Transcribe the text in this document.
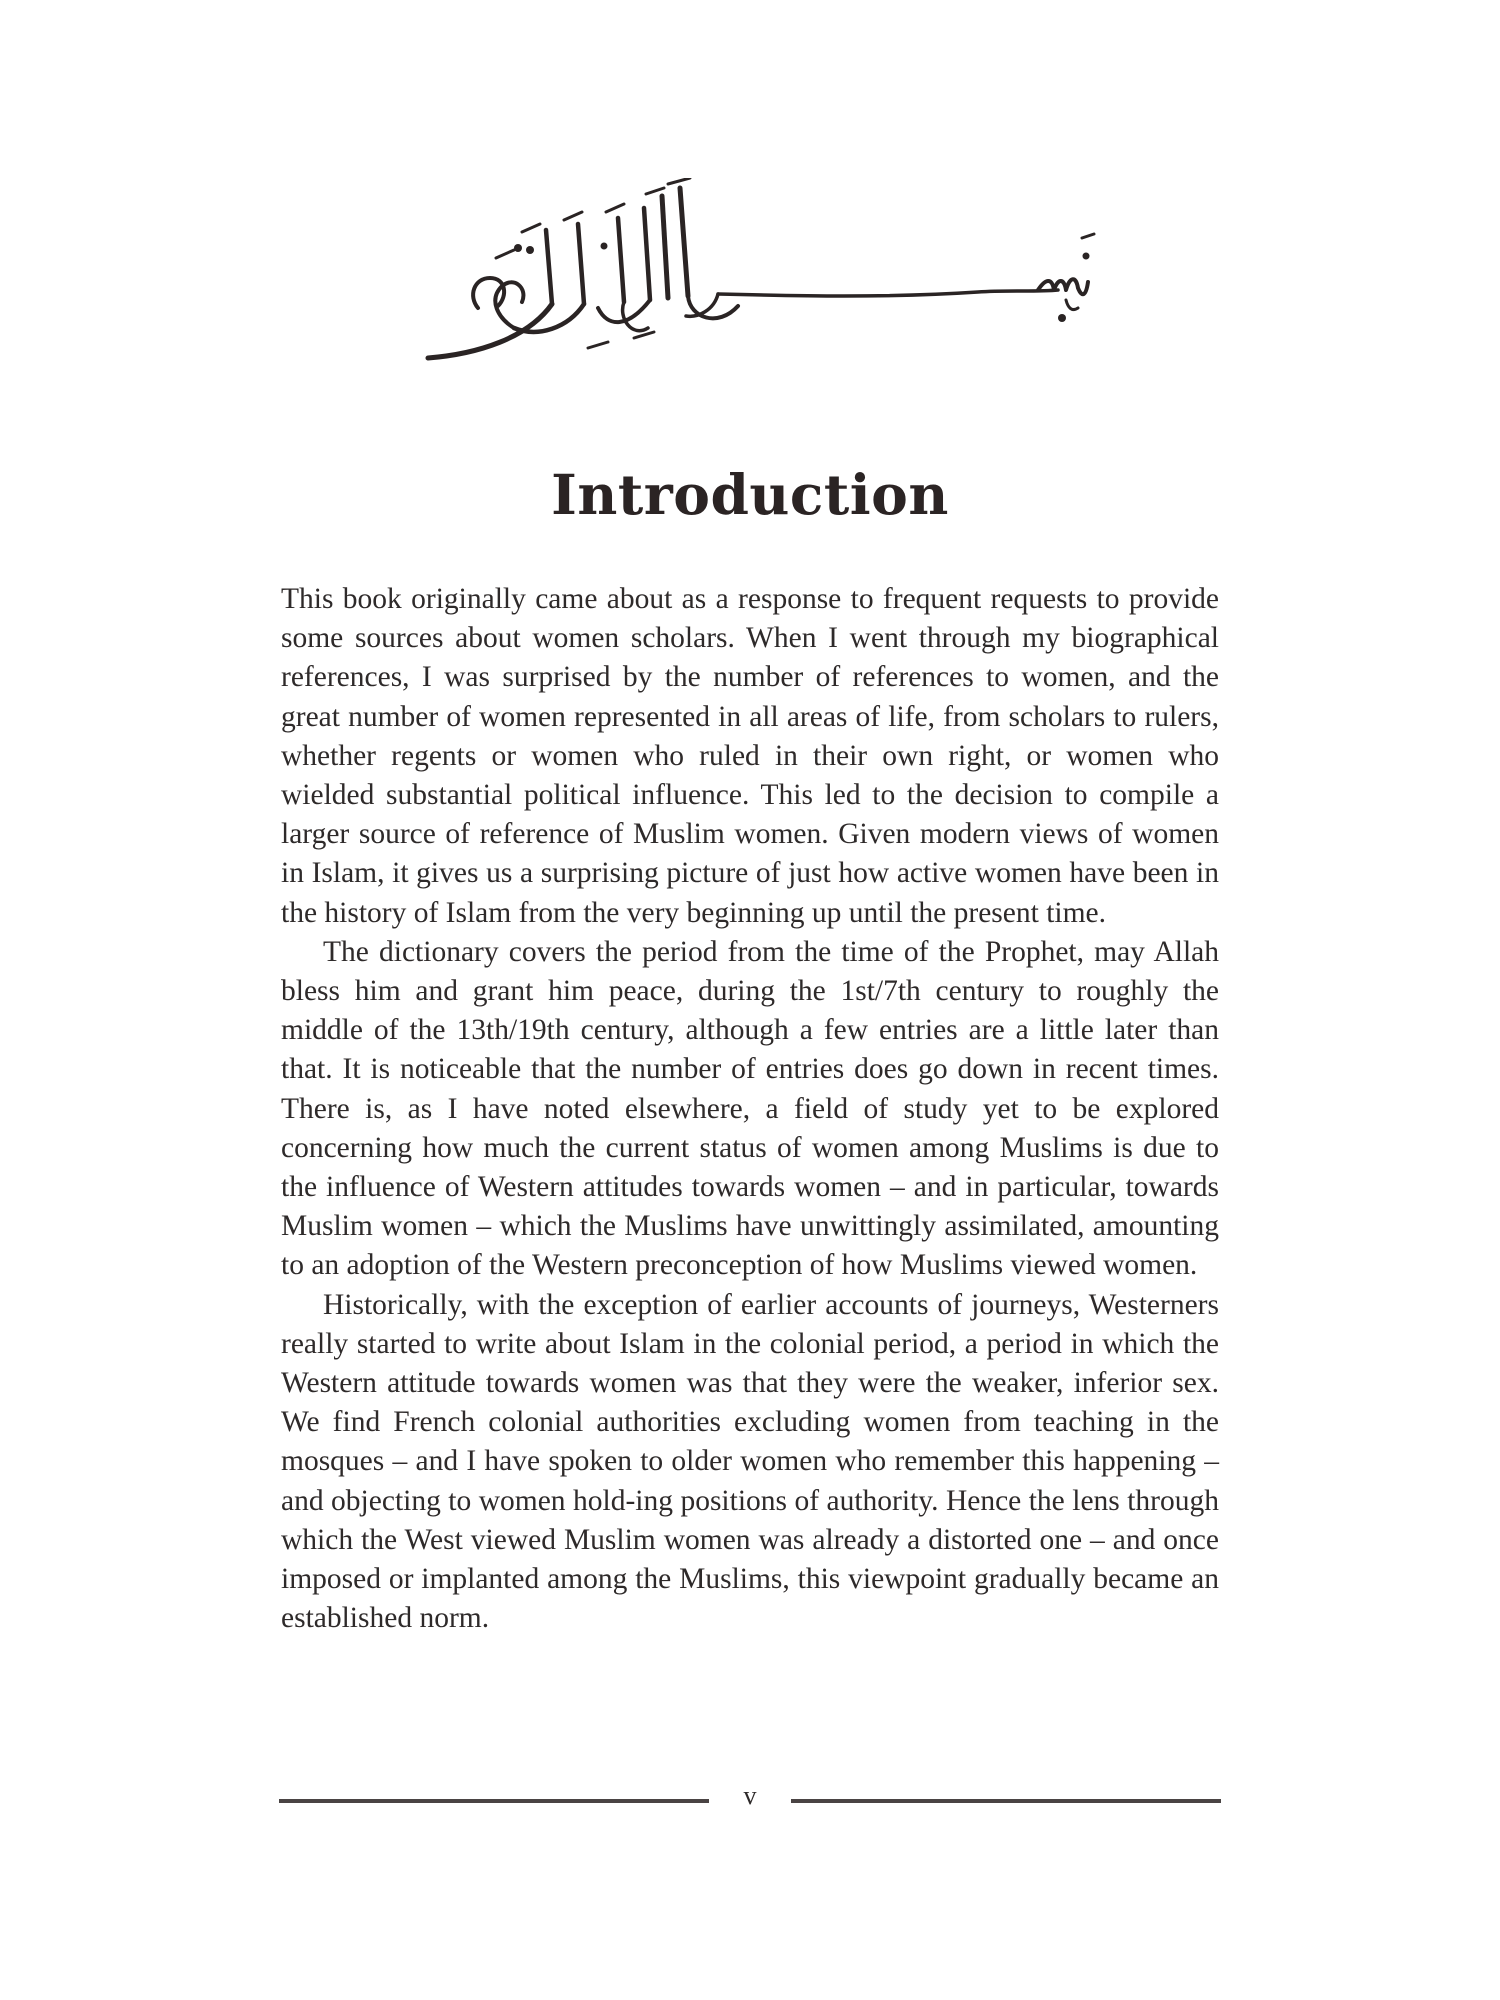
Introduction

This book originally came about as a response to frequent requests to provide some sources about women scholars. When I went through my biographical references, I was surprised by the number of references to women, and the great number of women represented in all areas of life, from scholars to rulers, whether regents or women who ruled in their own right, or women who wielded substantial political influence. This led to the decision to compile a larger source of reference of Muslim women. Given modern views of women in Islam, it gives us a surprising picture of just how active women have been in the history of Islam from the very beginning up until the present time.

The dictionary covers the period from the time of the Prophet, may Allah bless him and grant him peace, during the 1st/7th century to roughly the middle of the 13th/19th century, although a few entries are a little later than that. It is noticeable that the number of entries does go down in recent times. There is, as I have noted elsewhere, a field of study yet to be explored concerning how much the current status of women among Muslims is due to the influence of Western attitudes towards women – and in particular, towards Muslim women – which the Muslims have unwittingly assimilated, amounting to an adoption of the Western preconception of how Muslims viewed women.

Historically, with the exception of earlier accounts of journeys, Westerners really started to write about Islam in the colonial period, a period in which the Western attitude towards women was that they were the weaker, inferior sex. We find French colonial authorities excluding women from teaching in the mosques – and I have spoken to older women who remember this happening – and objecting to women hold-ing positions of authority. Hence the lens through which the West viewed Muslim women was already a distorted one – and once imposed or implanted among the Muslims, this viewpoint gradually became an established norm.

v
